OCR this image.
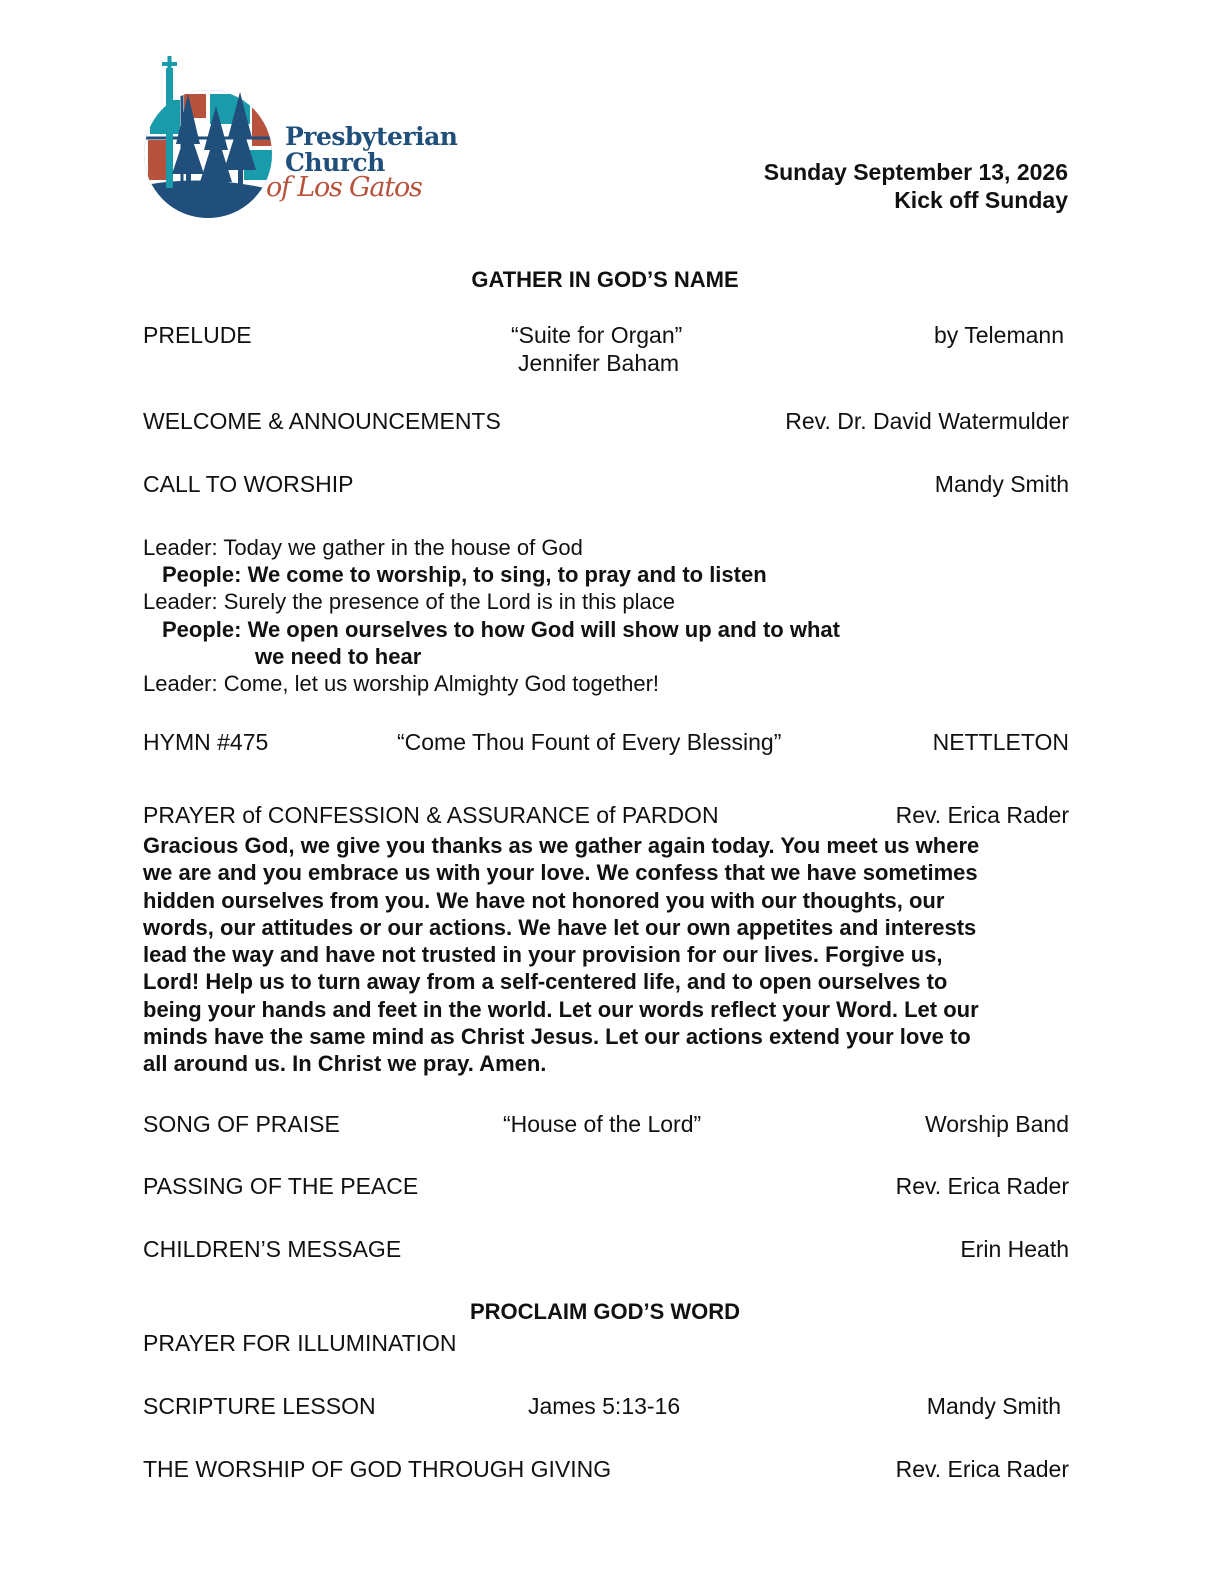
Presbyterian
Church
of Los Gatos	Sunday September 13, 2026
Kick off Sunday
GATHER IN GOD’S NAME
PRELUDE	“Suite for Organ”	by Telemann
Jennifer Baham
WELCOME & ANNOUNCEMENTS	Rev. Dr. David Watermulder
CALL TO WORSHIP	Mandy Smith
Leader: Today we gather in the house of God
People: We come to worship, to sing, to pray and to listen
Leader: Surely the presence of the Lord is in this place
People: We open ourselves to how God will show up and to what
we need to hear
Leader: Come, let us worship Almighty God together!
HYMN #475	“Come Thou Fount of Every Blessing”	NETTLETON
PRAYER of CONFESSION & ASSURANCE of PARDON	Rev. Erica Rader
Gracious God, we give you thanks as we gather again today. You meet us where
we are and you embrace us with your love. We confess that we have sometimes
hidden ourselves from you. We have not honored you with our thoughts, our
words, our attitudes or our actions. We have let our own appetites and interests
lead the way and have not trusted in your provision for our lives. Forgive us,
Lord! Help us to turn away from a self-centered life, and to open ourselves to
being your hands and feet in the world. Let our words reflect your Word. Let our
minds have the same mind as Christ Jesus. Let our actions extend your love to
all around us. In Christ we pray. Amen.
SONG OF PRAISE	“House of the Lord”	Worship Band
PASSING OF THE PEACE	Rev. Erica Rader
CHILDREN’S MESSAGE	Erin Heath
PROCLAIM GOD’S WORD
PRAYER FOR ILLUMINATION
SCRIPTURE LESSON	James 5:13-16	Mandy Smith
THE WORSHIP OF GOD THROUGH GIVING	Rev. Erica Rader
